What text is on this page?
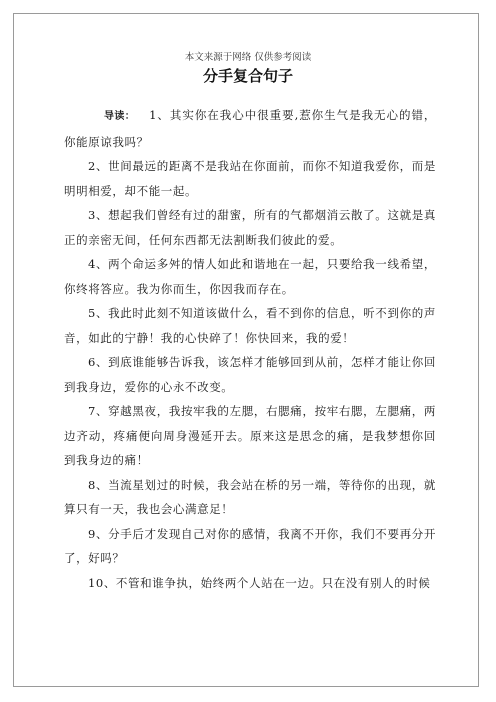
本文来源于网络 仅供参考阅读
分手复合句子

导读： 1、其实你在我心中很重要,惹你生气是我无心的错，你能原谅我吗？

2、世间最远的距离不是我站在你面前，而你不知道我爱你，而是明明相爱，却不能一起。

3、想起我们曾经有过的甜蜜，所有的气都烟消云散了。这就是真正的亲密无间，任何东西都无法割断我们彼此的爱。

4、两个命运多舛的情人如此和谐地在一起，只要给我一线希望，你终将答应。我为你而生，你因我而存在。

5、我此时此刻不知道该做什么，看不到你的信息，听不到你的声音，如此的宁静！我的心快碎了！你快回来，我的爱！

6、到底谁能够告诉我，该怎样才能够回到从前，怎样才能让你回到我身边，爱你的心永不改变。

7、穿越黑夜，我按牢我的左腮，右腮痛，按牢右腮，左腮痛，两边齐动，疼痛便向周身漫延开去。原来这是思念的痛，是我梦想你回到我身边的痛！

8、当流星划过的时候，我会站在桥的另一端，等待你的出现，就算只有一天，我也会心满意足！

9、分手后才发现自己对你的感情，我离不开你，我们不要再分开了，好吗？

10、不管和谁争执，始终两个人站在一边。只在没有别人的时候
